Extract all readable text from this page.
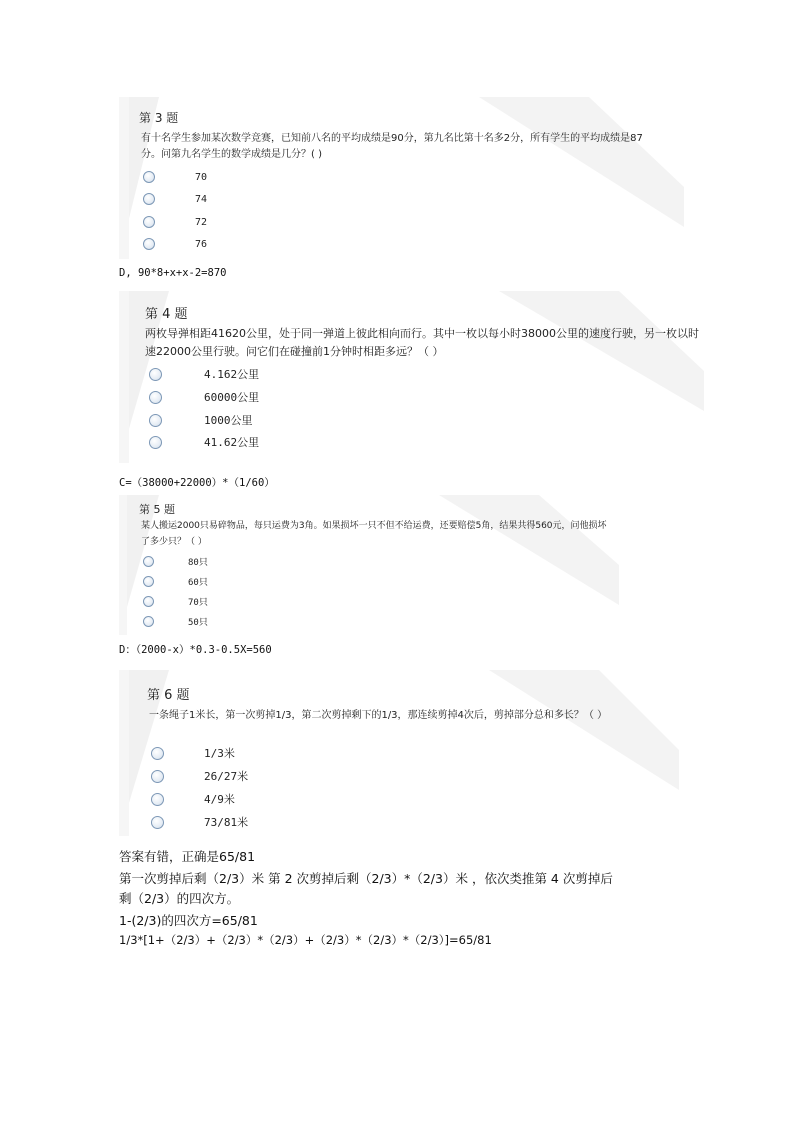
第 3 题
有十名学生参加某次数学竞赛，已知前八名的平均成绩是90分，第九名比第十名多2分，所有学生的平均成绩是87分。问第九名学生的数学成绩是几分？( )
70
74
72
76
D, 90*8+x+x-2=870
第 4 题
两枚导弹相距41620公里，处于同一弹道上彼此相向而行。其中一枚以每小时38000公里的速度行驶，另一枚以时速22000公里行驶。问它们在碰撞前1分钟时相距多远？（ ）
4.162公里
60000公里
1000公里
41.62公里
C=（38000+22000）*（1/60）
第 5 题
某人搬运2000只易碎物品，每只运费为3角。如果损坏一只不但不给运费，还要赔偿5角，结果共得560元，问他损坏了多少只？（ ）
80只
60只
70只
50只
D：（2000-x）*0.3-0.5X=560
第 6 题
一条绳子1米长，第一次剪掉1/3，第二次剪掉剩下的1/3，那连续剪掉4次后，剪掉部分总和多长？（ ）
1/3米
26/27米
4/9米
73/81米
答案有错，正确是65/81
第一次剪掉后剩（2/3）米 第 2 次剪掉后剩（2/3）*（2/3）米 ，依次类推第 4 次剪掉后
剩（2/3）的四次方。
1-(2/3)的四次方=65/81
1/3*[1+（2/3）+（2/3）*（2/3）+（2/3）*（2/3）*（2/3）]=65/81
